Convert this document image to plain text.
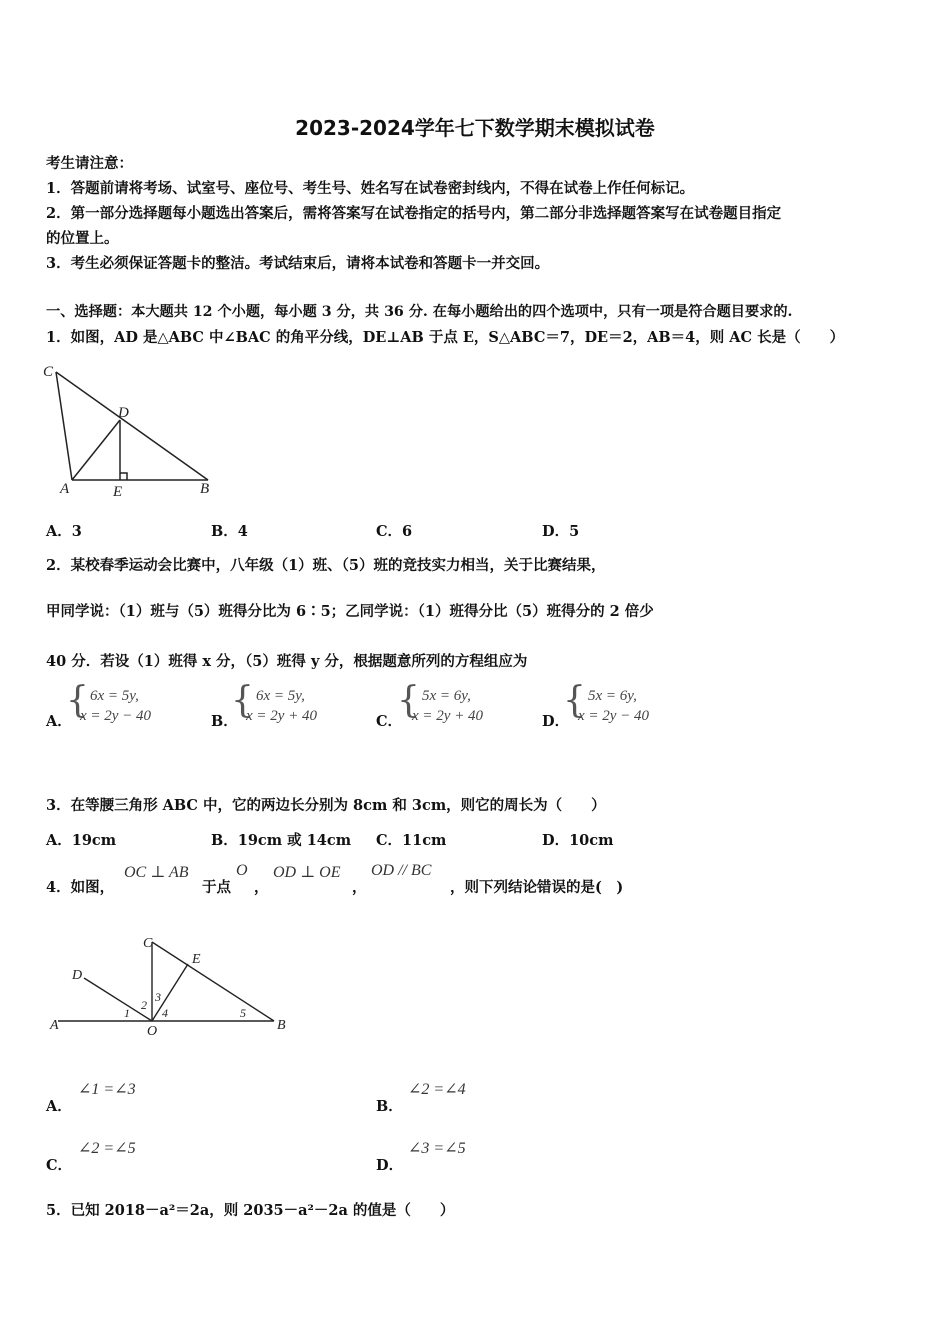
2023-2024学年七下数学期末模拟试卷
考生请注意：
1．答题前请将考场、试室号、座位号、考生号、姓名写在试卷密封线内，不得在试卷上作任何标记。
2．第一部分选择题每小题选出答案后，需将答案写在试卷指定的括号内，第二部分非选择题答案写在试卷题目指定
的位置上。
3．考生必须保证答题卡的整洁。考试结束后，请将本试卷和答题卡一并交回。
一、选择题：本大题共 12 个小题，每小题 3 分，共 36 分. 在每小题给出的四个选项中，只有一项是符合题目要求的.
1．如图，AD 是△ABC 中∠BAC 的角平分线，DE⊥AB 于点 E，S△ABC＝7，DE＝2，AB＝4，则 AC 长是（　　）
C
D
A	E	B
A．3	B．4	C．6	D．5
2．某校春季运动会比赛中，八年级（1）班、（5）班的竞技实力相当，关于比赛结果，
甲同学说：（1）班与（5）班得分比为 6∶5；乙同学说：（1）班得分比（5）班得分的 2 倍少
40 分．若设（1）班得 x 分，（5）班得 y 分，根据题意所列的方程组应为
A．
{ 6x = 5y,
x = 2y − 40	B．
{ 6x = 5y,
x = 2y + 40	C．
{ 5x = 6y,
x = 2y + 40	D．
{ 5x = 6y,
x = 2y − 40
3．在等腰三角形 ABC 中，它的两边长分别为 8cm 和 3cm，则它的周长为（　　）
A．19cm	B．19cm 或 14cm C．11cm	D．10cm
4．如图，
OC ⊥ AB
于点
O
，
OD ⊥ OE
，
OD // BC
，则下列结论错误的是(　)
C
E
D
2
3
1	4	5
A	O	B
A．
∠1 =∠3
B．
∠2 =∠4
C．
∠2 =∠5
D．
∠3 =∠5
5．已知 2018－a²＝2a，则 2035－a²－2a 的值是（　　）
